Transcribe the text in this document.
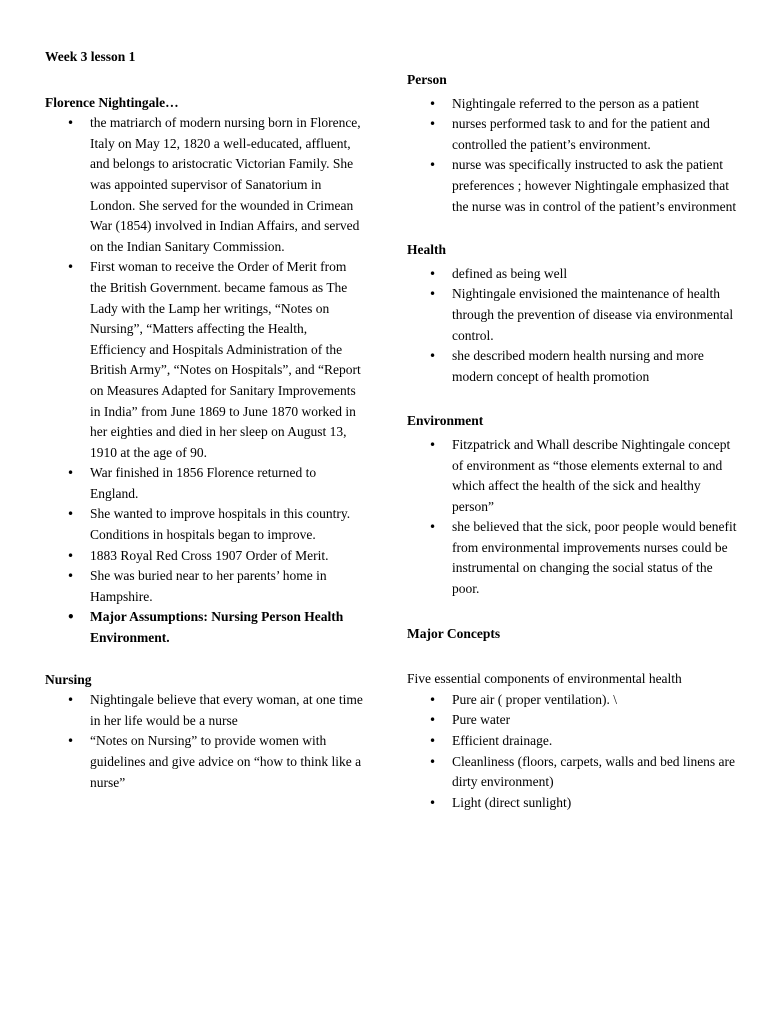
Week 3 lesson 1

Florence Nightingale…

• the matriarch of modern nursing born in Florence, Italy on May 12, 1820 a well-educated, affluent, and belongs to aristocratic Victorian Family. She was appointed supervisor of Sanatorium in London. She served for the wounded in Crimean War (1854) involved in Indian Affairs, and served on the Indian Sanitary Commission.
• First woman to receive the Order of Merit from the British Government. became famous as The Lady with the Lamp her writings, “Notes on Nursing”, “Matters affecting the Health, Efficiency and Hospitals Administration of the British Army”, “Notes on Hospitals”, and “Report on Measures Adapted for Sanitary Improvements in India” from June 1869 to June 1870 worked in her eighties and died in her sleep on August 13, 1910 at the age of 90.
• War finished in 1856 Florence returned to England.
• She wanted to improve hospitals in this country. Conditions in hospitals began to improve.
• 1883 Royal Red Cross 1907 Order of Merit.
• She was buried near to her parents’ home in Hampshire.
• Major Assumptions: Nursing Person Health Environment.

Nursing

• Nightingale believe that every woman, at one time in her life would be a nurse
• “Notes on Nursing” to provide women with guidelines and give advice on “how to think like a nurse”

Person

• Nightingale referred to the person as a patient
• nurses performed task to and for the patient and controlled the patient’s environment.
• nurse was specifically instructed to ask the patient preferences ; however Nightingale emphasized that the nurse was in control of the patient’s environment

Health

• defined as being well
• Nightingale envisioned the maintenance of health through the prevention of disease via environmental control.
• she described modern health nursing and more modern concept of health promotion

Environment

• Fitzpatrick and Whall describe Nightingale concept
of environment as “those elements external to and which affect the health of the sick and healthy person”
• she believed that the sick, poor people would benefit from environmental improvements nurses could be instrumental on changing the social status of the poor.

Major Concepts

Five essential components of environmental health

• Pure air ( proper ventilation). \
• Pure water
• Efficient drainage.
• Cleanliness (floors, carpets, walls and bed linens are dirty environment)
• Light (direct sunlight)
